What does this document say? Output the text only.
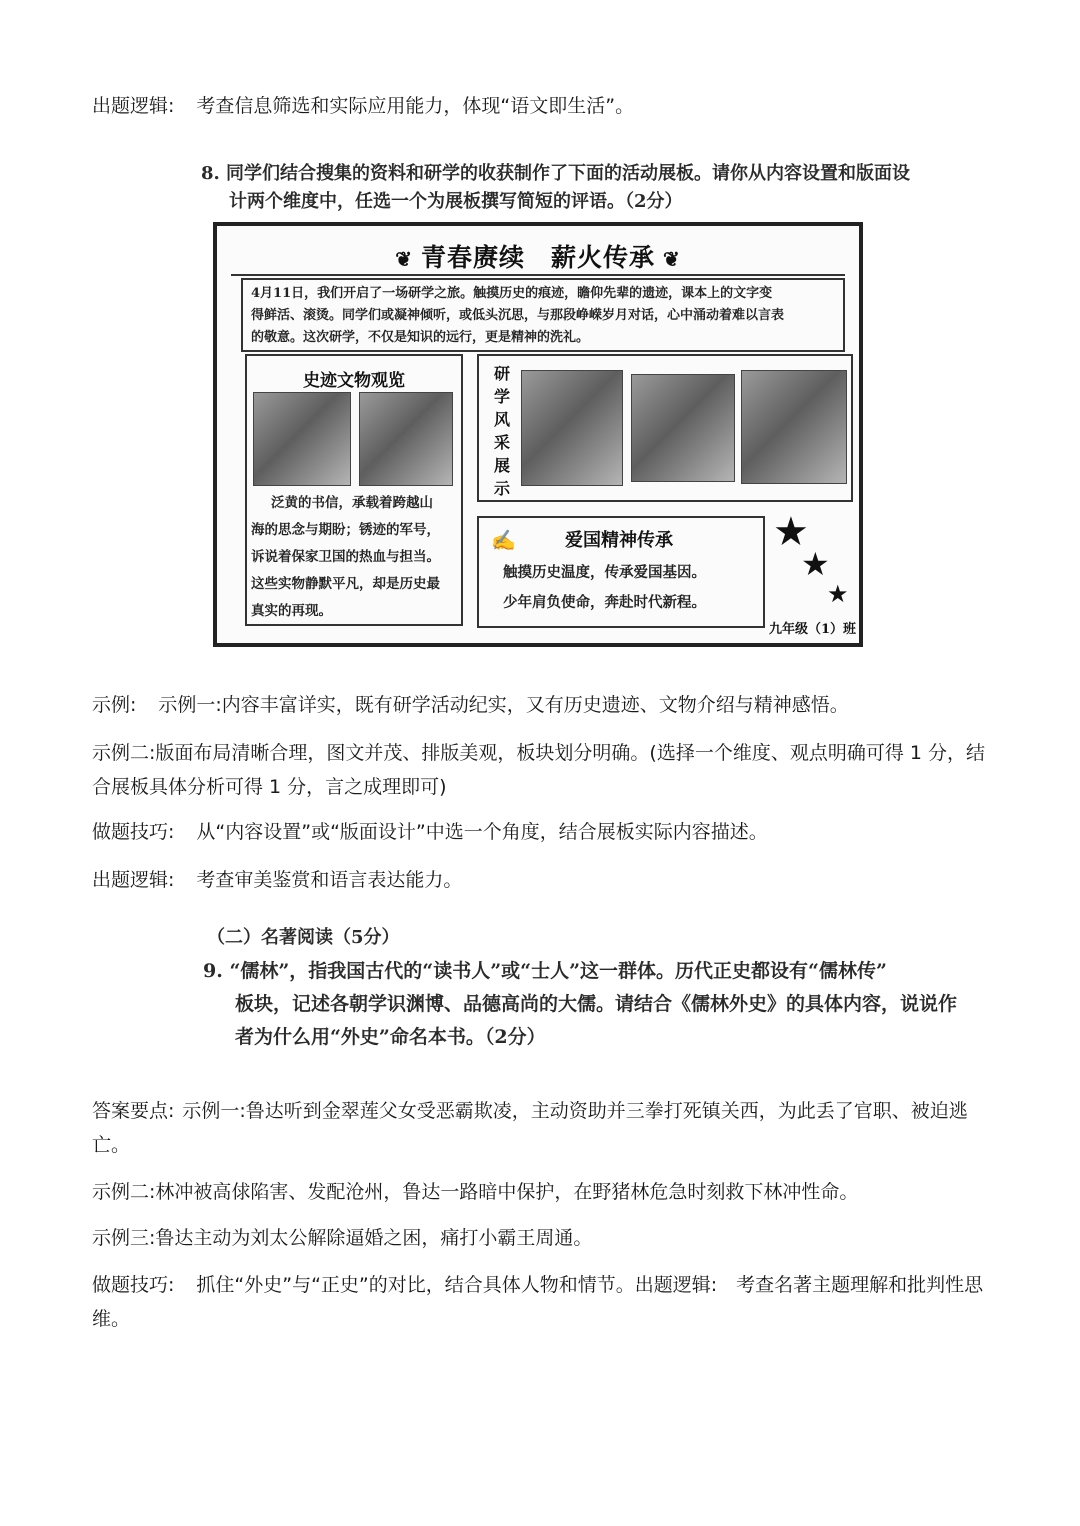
出题逻辑: 考查信息筛选和实际应用能力，体现“语文即生活”。
8. 同学们结合搜集的资料和研学的收获制作了下面的活动展板。请你从内容设置和版面设
计两个维度中，任选一个为展板撰写简短的评语。（2分）
❦ 青春赓续　薪火传承 ❦
4月11日，我们开启了一场研学之旅。触摸历史的痕迹，瞻仰先辈的遗迹，课本上的文字变
得鲜活、滚烫。同学们或凝神倾听，或低头沉思，与那段峥嵘岁月对话，心中涌动着难以言表
的敬意。这次研学，不仅是知识的远行，更是精神的洗礼。
史迹文物观览
泛黄的书信，承载着跨越山
海的思念与期盼；锈迹的军号，
诉说着保家卫国的热血与担当。
这些实物静默平凡，却是历史最
真实的再现。
研
学
风
采
展
示
✍	爱国精神传承
触摸历史温度，传承爱国基因。
少年肩负使命，奔赴时代新程。
★
★
★
九年级（1）班
示例: 示例一:内容丰富详实，既有研学活动纪实，又有历史遗迹、文物介绍与精神感悟。
示例二:版面布局清晰合理，图文并茂、排版美观，板块划分明确。(选择一个维度、观点明确可得 1 分，结合展板具体分析可得 1 分，言之成理即可)
做题技巧: 从“内容设置”或“版面设计”中选一个角度，结合展板实际内容描述。
出题逻辑: 考查审美鉴赏和语言表达能力。
（二）名著阅读（5分）
9. “儒林”，指我国古代的“读书人”或“士人”这一群体。历代正史都设有“儒林传”
板块，记述各朝学识渊博、品德高尚的大儒。请结合《儒林外史》的具体内容，说说作
者为什么用“外史”命名本书。（2分）
答案要点: 示例一:鲁达听到金翠莲父女受恶霸欺凌，主动资助并三拳打死镇关西，为此丢了官职、被迫逃亡。
示例二:林冲被高俅陷害、发配沧州，鲁达一路暗中保护，在野猪林危急时刻救下林冲性命。
示例三:鲁达主动为刘太公解除逼婚之困，痛打小霸王周通。
做题技巧: 抓住“外史”与“正史”的对比，结合具体人物和情节。出题逻辑:　考查名著主题理解和批判性思维。
